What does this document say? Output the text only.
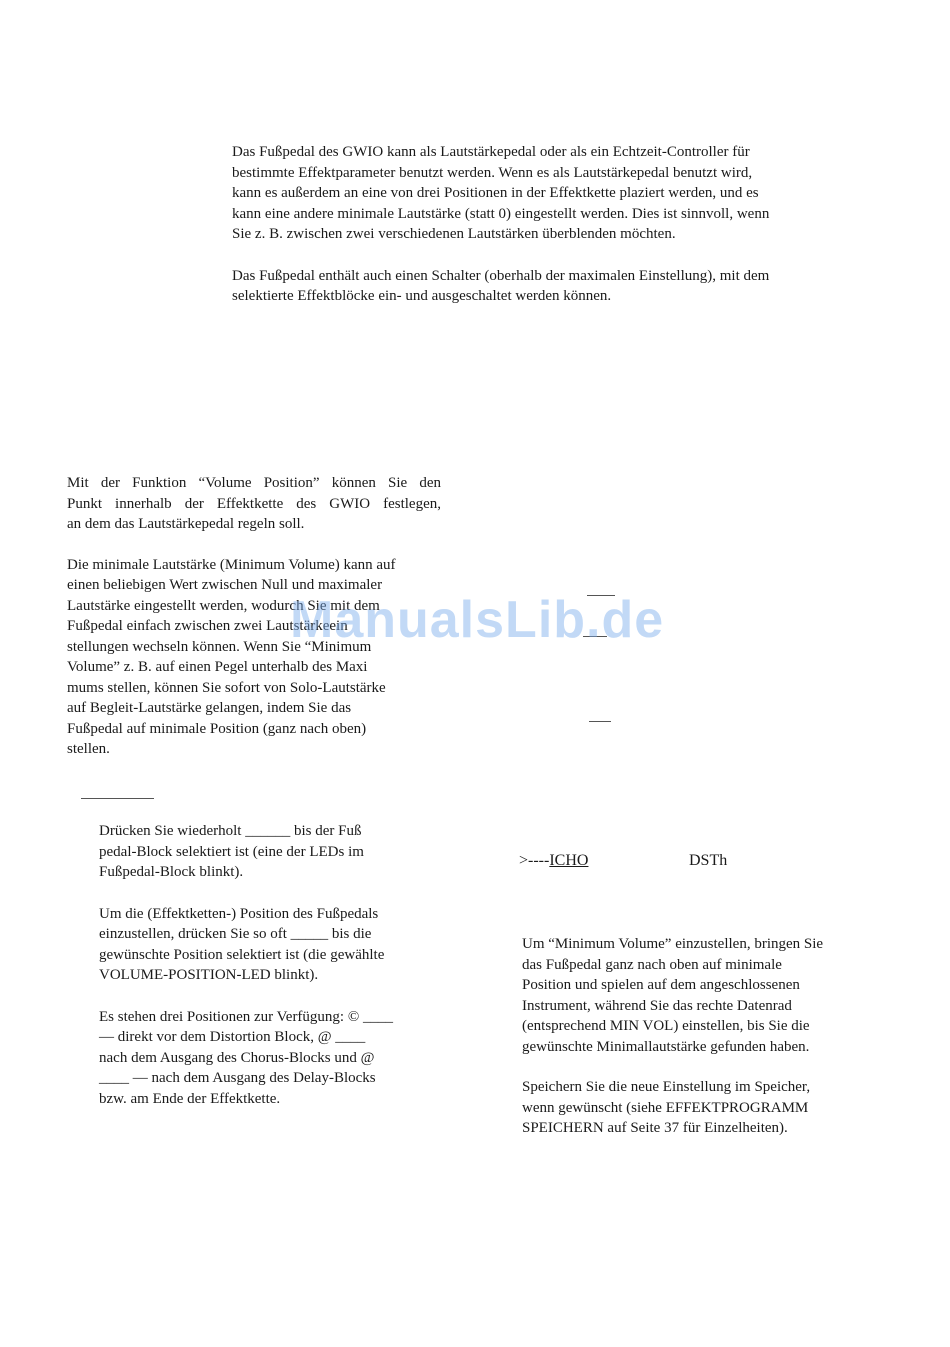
Das Fußpedal des GWIO kann als Lautstärkepedal oder als ein Echtzeit-Controller für
bestimmte Effektparameter benutzt werden. Wenn es als Lautstärkepedal benutzt wird,
kann es außerdem an eine von drei Positionen in der Effektkette plaziert werden, und es
kann eine andere minimale Lautstärke (statt 0) eingestellt werden. Dies ist sinnvoll, wenn
Sie z. B. zwischen zwei verschiedenen Lautstärken überblenden möchten.

Das Fußpedal enthält auch einen Schalter (oberhalb der maximalen Einstellung), mit dem
selektierte Effektblöcke ein- und ausgeschaltet werden können.

Mit der Funktion “Volume Position” können Sie den
Punkt innerhalb der Effektkette des GWIO festlegen,
an dem das Lautstärkepedal regeln soll.

Die minimale Lautstärke (Minimum Volume) kann auf
einen beliebigen Wert zwischen Null und maximaler
Lautstärke eingestellt werden, wodurch Sie mit dem
Fußpedal einfach zwischen zwei Lautstärkeein
stellungen wechseln können. Wenn Sie “Minimum
Volume” z. B. auf einen Pegel unterhalb des Maxi
mums stellen, können Sie sofort von Solo-Lautstärke
auf Begleit-Lautstärke gelangen, indem Sie das
Fußpedal auf minimale Position (ganz nach oben)
stellen.

Drücken Sie wiederholt ______ bis der Fuß
pedal-Block selektiert ist (eine der LEDs im
Fußpedal-Block blinkt).

Um die (Effektketten-) Position des Fußpedals
einzustellen, drücken Sie so oft _____ bis die
gewünschte Position selektiert ist (die gewählte
VOLUME-POSITION-LED blinkt).

Es stehen drei Positionen zur Verfügung: © ____
— direkt vor dem Distortion Block, @ ____
nach dem Ausgang des Chorus-Blocks und @
____ — nach dem Ausgang des Delay-Blocks
bzw. am Ende der Effektkette.

>----ICHO	DSTh

Um “Minimum Volume” einzustellen, bringen Sie
das Fußpedal ganz nach oben auf minimale
Position und spielen auf dem angeschlossenen
Instrument, während Sie das rechte Datenrad
(entsprechend MIN VOL) einstellen, bis Sie die
gewünschte Minimallautstärke gefunden haben.

Speichern Sie die neue Einstellung im Speicher,
wenn gewünscht (siehe EFFEKTPROGRAMM
SPEICHERN auf Seite 37 für Einzelheiten).

ManualsLib.de
